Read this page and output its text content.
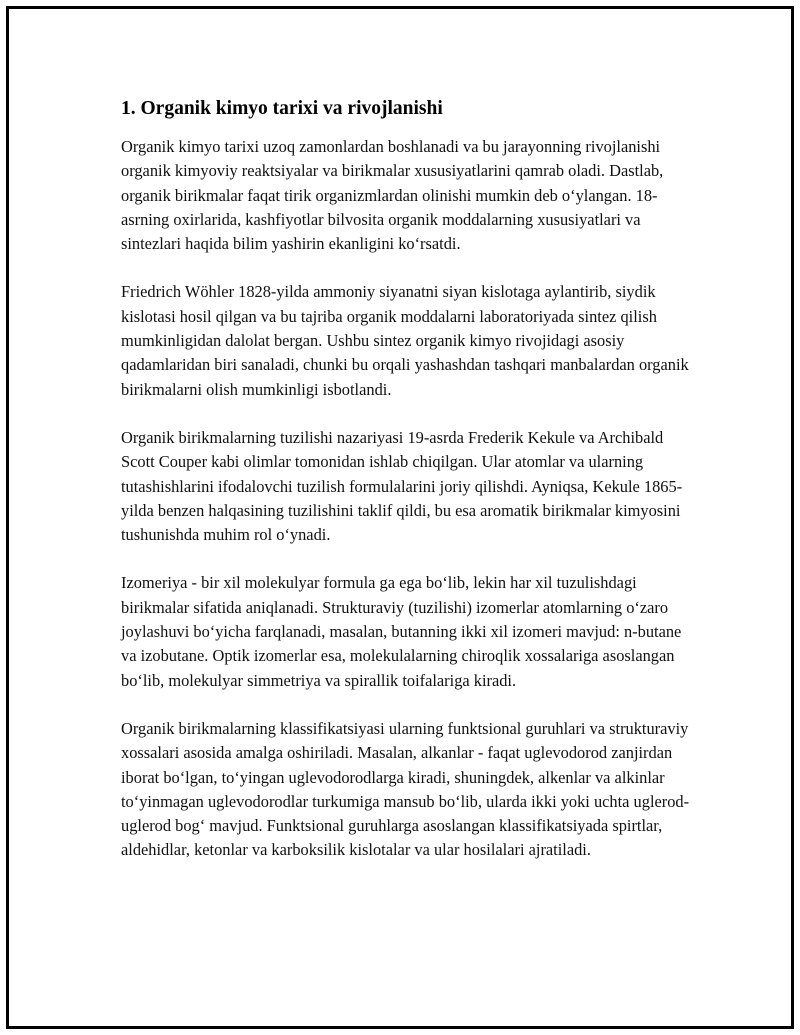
1. Organik kimyo tarixi va rivojlanishi

Organik kimyo tarixi uzoq zamonlardan boshlanadi va bu jarayonning rivojlanishi organik kimyoviy reaktsiyalar va birikmalar xususiyatlarini qamrab oladi. Dastlab, organik birikmalar faqat tirik organizmlardan olinishi mumkin deb o‘ylangan. 18-asrning oxirlarida, kashfiyotlar bilvosita organik moddalarning xususiyatlari va sintezlari haqida bilim yashirin ekanligini ko‘rsatdi.

Friedrich Wöhler 1828-yilda ammoniy siyanatni siyan kislotaga aylantirib, siydik kislotasi hosil qilgan va bu tajriba organik moddalarni laboratoriyada sintez qilish mumkinligidan dalolat bergan. Ushbu sintez organik kimyo rivojidagi asosiy qadamlaridan biri sanaladi, chunki bu orqali yashashdan tashqari manbalardan organik birikmalarni olish mumkinligi isbotlandi.

Organik birikmalarning tuzilishi nazariyasi 19-asrda Frederik Kekule va Archibald Scott Couper kabi olimlar tomonidan ishlab chiqilgan. Ular atomlar va ularning tutashishlarini ifodalovchi tuzilish formulalarini joriy qilishdi. Ayniqsa, Kekule 1865-yilda benzen halqasining tuzilishini taklif qildi, bu esa aromatik birikmalar kimyosini tushunishda muhim rol o‘ynadi.

Izomeriya - bir xil molekulyar formula ga ega bo‘lib, lekin har xil tuzulishdagi birikmalar sifatida aniqlanadi. Strukturaviy (tuzilishi) izomerlar atomlarning o‘zaro joylashuvi bo‘yicha farqlanadi, masalan, butanning ikki xil izomeri mavjud: n-butane va izobutane. Optik izomerlar esa, molekulalarning chiroqlik xossalariga asoslangan bo‘lib, molekulyar simmetriya va spirallik toifalariga kiradi.

Organik birikmalarning klassifikatsiyasi ularning funktsional guruhlari va strukturaviy xossalari asosida amalga oshiriladi. Masalan, alkanlar - faqat uglevodorod zanjirdan iborat bo‘lgan, to‘yingan uglevodorodlarga kiradi, shuningdek, alkenlar va alkinlar to‘yinmagan uglevodorodlar turkumiga mansub bo‘lib, ularda ikki yoki uchta uglerod-uglerod bog‘ mavjud. Funktsional guruhlarga asoslangan klassifikatsiyada spirtlar, aldehidlar, ketonlar va karboksilik kislotalar va ular hosilalari ajratiladi.
